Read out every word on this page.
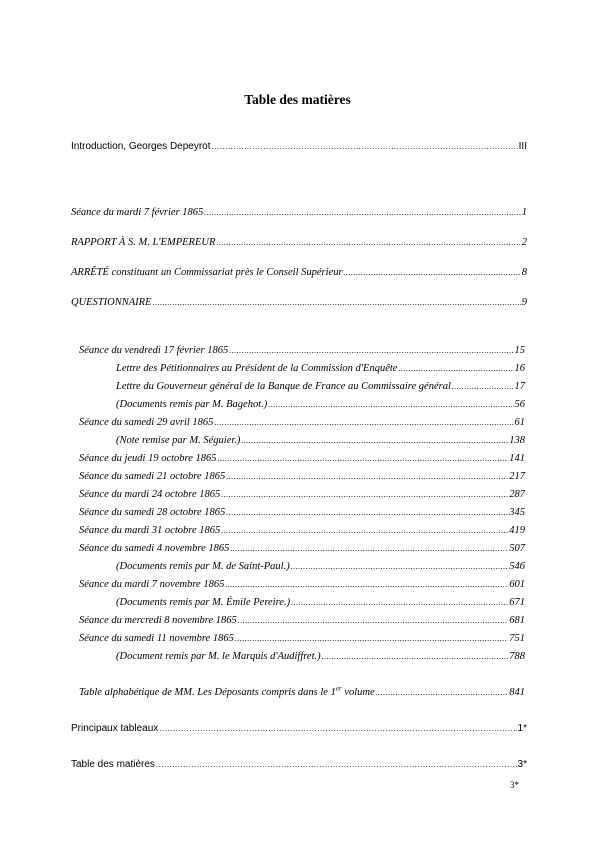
Table des matières
Introduction, Georges Depeyrot .....	III
Séance du mardi 7 février 1865 .....	1
RAPPORT À S. M. L'EMPEREUR .....	2
ARRÊTÉ constituant un Commissariat près le Conseil Supérieur .....	8
QUESTIONNAIRE .....	9
Séance du vendredi 17 février 1865 .....	15
Lettre des Pétitionnaires au Président de la Commission d'Enquête .....	16
Lettre du Gouverneur général de la Banque de France au Commissaire général .....	17
(Documents remis par M. Bagehot.) .....	56
Séance du samedi 29 avril 1865 .....	61
(Note remise par M. Séguier.) .....	138
Séance du jeudi 19 octobre 1865 .....	141
Séance du samedi 21 octobre 1865 .....	217
Séance du mardi 24 octobre 1865 .....	287
Séance du samedi 28 octobre 1865 .....	345
Séance du mardi 31 octobre 1865 .....	419
Séance du samedi 4 novembre 1865 .....	507
(Documents remis par M. de Saint-Paul.) .....	546
Séance du mardi 7 novembre 1865 .....	601
(Documents remis par M. Émile Pereire.) .....	671
Séance du mercredi 8 novembre 1865 .....	681
Séance du samedi 11 novembre 1865 .....	751
(Document remis par M. le Marquis d'Audiffret.) .....	788
Table alphabétique de MM. Les Déposants compris dans le 1er volume .....	841
Principaux tableaux .....	1*
Table des matières .....	3*
3*
